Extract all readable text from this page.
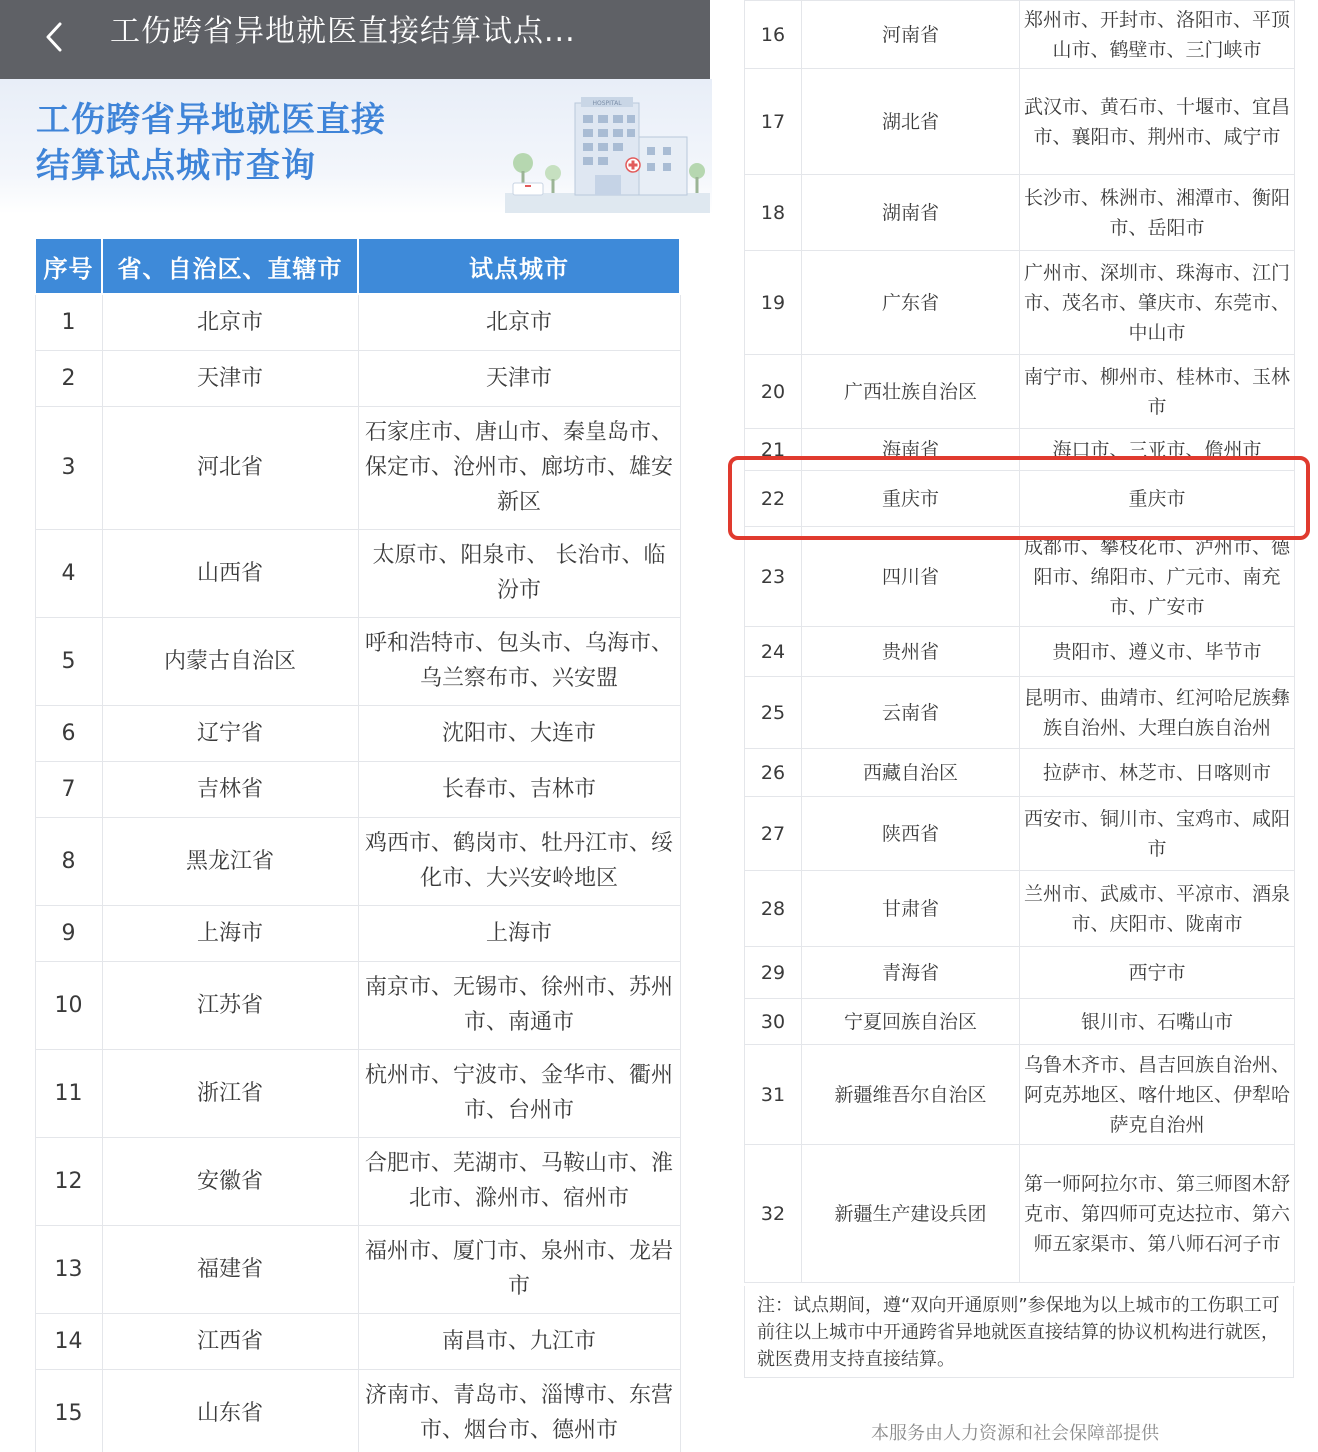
工伤跨省异地就医直接结算试点...
工伤跨省异地就医直接
结算试点城市查询
HOSPITAL
序号	省、自治区、直辖市	试点城市
1	北京市	北京市
2	天津市	天津市
3	河北省	石家庄市、唐山市、秦皇岛市、保定市、沧州市、廊坊市、雄安新区
4	山西省	太原市、阳泉市、 长治市、临汾市
5	内蒙古自治区	呼和浩特市、包头市、乌海市、乌兰察布市、兴安盟
6	辽宁省	沈阳市、大连市
7	吉林省	长春市、吉林市
8	黑龙江省	鸡西市、鹤岗市、牡丹江市、绥化市、大兴安岭地区
9	上海市	上海市
10	江苏省	南京市、无锡市、徐州市、苏州市、南通市
11	浙江省	杭州市、宁波市、金华市、衢州市、台州市
12	安徽省	合肥市、芜湖市、马鞍山市、淮北市、滁州市、宿州市
13	福建省	福州市、厦门市、泉州市、龙岩市
14	江西省	南昌市、九江市
15	山东省	济南市、青岛市、淄博市、东营市、烟台市、德州市
16	河南省	郑州市、开封市、洛阳市、平顶山市、鹤壁市、三门峡市
17	湖北省	武汉市、黄石市、十堰市、宜昌市、襄阳市、荆州市、咸宁市
18	湖南省	长沙市、株洲市、湘潭市、衡阳市、岳阳市
19	广东省	广州市、深圳市、珠海市、江门市、茂名市、肇庆市、东莞市、中山市
20	广西壮族自治区	南宁市、柳州市、桂林市、玉林市
21	海南省	海口市、三亚市、儋州市
22	重庆市	重庆市
23	四川省	成都市、攀枝花市、泸州市、德阳市、绵阳市、广元市、南充市、广安市
24	贵州省	贵阳市、遵义市、毕节市
25	云南省	昆明市、曲靖市、红河哈尼族彝族自治州、大理白族自治州
26	西藏自治区	拉萨市、林芝市、日喀则市
27	陕西省	西安市、铜川市、宝鸡市、咸阳市
28	甘肃省	兰州市、武威市、平凉市、酒泉市、庆阳市、陇南市
29	青海省	西宁市
30	宁夏回族自治区	银川市、石嘴山市
31	新疆维吾尔自治区	乌鲁木齐市、昌吉回族自治州、阿克苏地区、喀什地区、伊犁哈萨克自治州
32	新疆生产建设兵团	第一师阿拉尔市、第三师图木舒克市、第四师可克达拉市、第六师五家渠市、第八师石河子市
注：试点期间，遵“双向开通原则”参保地为以上城市的工伤职工可前往以上城市中开通跨省异地就医直接结算的协议机构进行就医，就医费用支持直接结算。
本服务由人力资源和社会保障部提供
